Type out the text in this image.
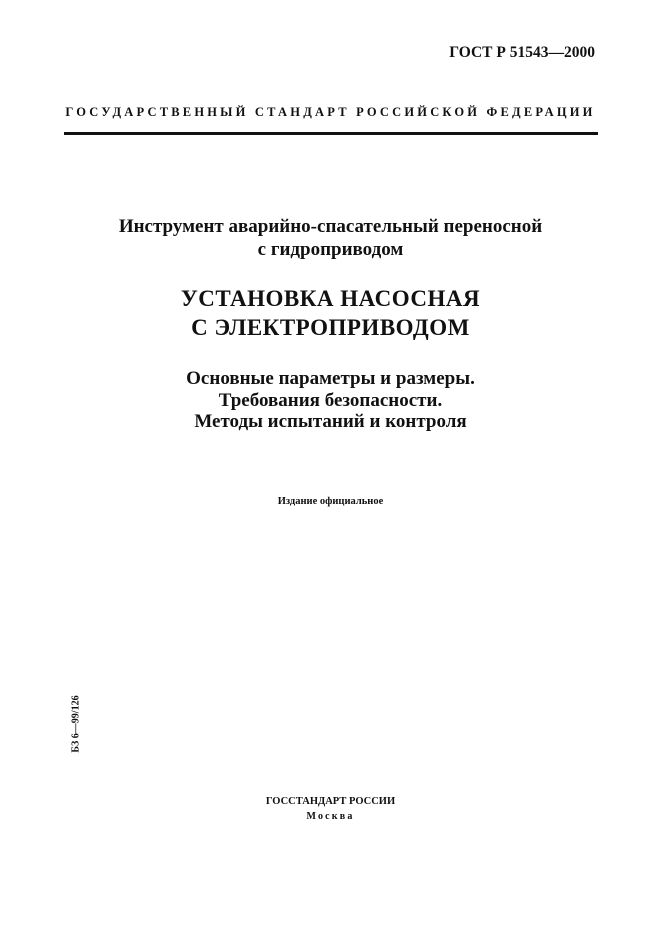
ГОСТ Р 51543—2000
ГОСУДАРСТВЕННЫЙ СТАНДАРТ РОССИЙСКОЙ ФЕДЕРАЦИИ
Инструмент аварийно-спасательный переносной
с гидроприводом
УСТАНОВКА НАСОСНАЯ
С ЭЛЕКТРОПРИВОДОМ
Основные параметры и размеры.
Требования безопасности.
Методы испытаний и контроля
Издание официальное
БЗ 6—99/126
ГОССТАНДАРТ РОССИИ
Москва
